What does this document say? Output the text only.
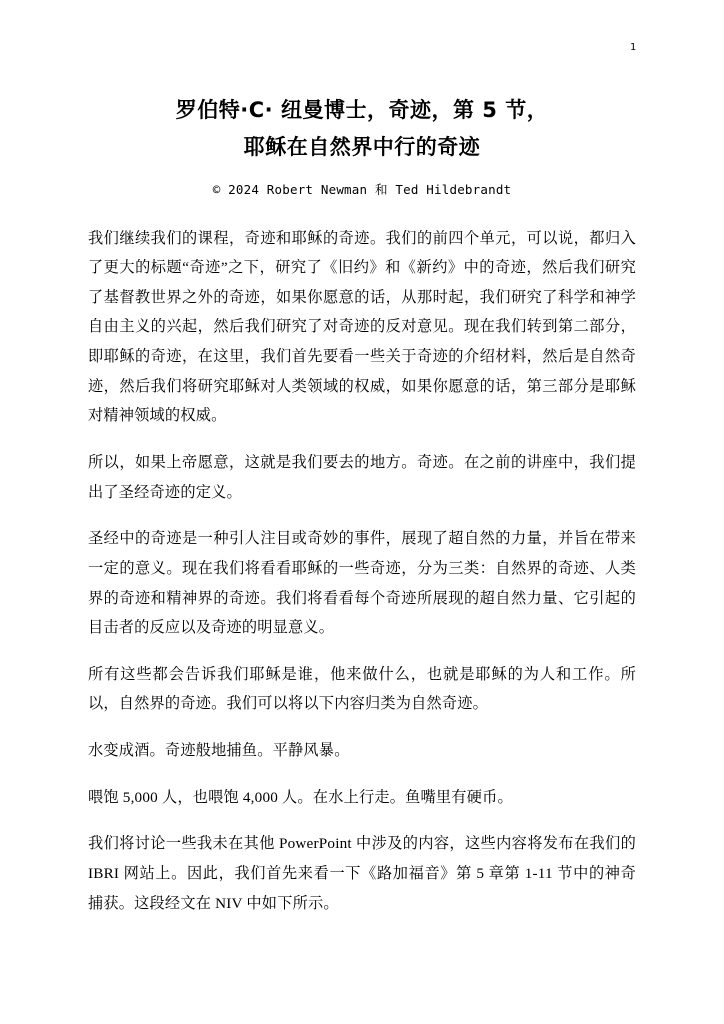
1
罗伯特·C· 纽曼博士，奇迹，第 5 节，
耶稣在自然界中行的奇迹
© 2024 Robert Newman 和 Ted Hildebrandt

我们继续我们的课程，奇迹和耶稣的奇迹。我们的前四个单元，可以说，都归入了更大的标题“奇迹”之下，研究了《旧约》和《新约》中的奇迹，然后我们研究了基督教世界之外的奇迹，如果你愿意的话，从那时起，我们研究了科学和神学自由主义的兴起，然后我们研究了对奇迹的反对意见。现在我们转到第二部分，即耶稣的奇迹，在这里，我们首先要看一些关于奇迹的介绍材料，然后是自然奇迹，然后我们将研究耶稣对人类领域的权威，如果你愿意的话，第三部分是耶稣对精神领域的权威。

所以，如果上帝愿意，这就是我们要去的地方。奇迹。在之前的讲座中，我们提出了圣经奇迹的定义。

圣经中的奇迹是一种引人注目或奇妙的事件，展现了超自然的力量，并旨在带来一定的意义。现在我们将看看耶稣的一些奇迹，分为三类：自然界的奇迹、人类界的奇迹和精神界的奇迹。我们将看看每个奇迹所展现的超自然力量、它引起的目击者的反应以及奇迹的明显意义。

所有这些都会告诉我们耶稣是谁，他来做什么，也就是耶稣的为人和工作。所以，自然界的奇迹。我们可以将以下内容归类为自然奇迹。

水变成酒。奇迹般地捕鱼。平静风暴。

喂饱 5,000 人，也喂饱 4,000 人。在水上行走。鱼嘴里有硬币。

我们将讨论一些我未在其他 PowerPoint 中涉及的内容，这些内容将发布在我们的 IBRI 网站上。因此，我们首先来看一下《路加福音》第 5 章第 1-11 节中的神奇捕获。这段经文在 NIV 中如下所示。
